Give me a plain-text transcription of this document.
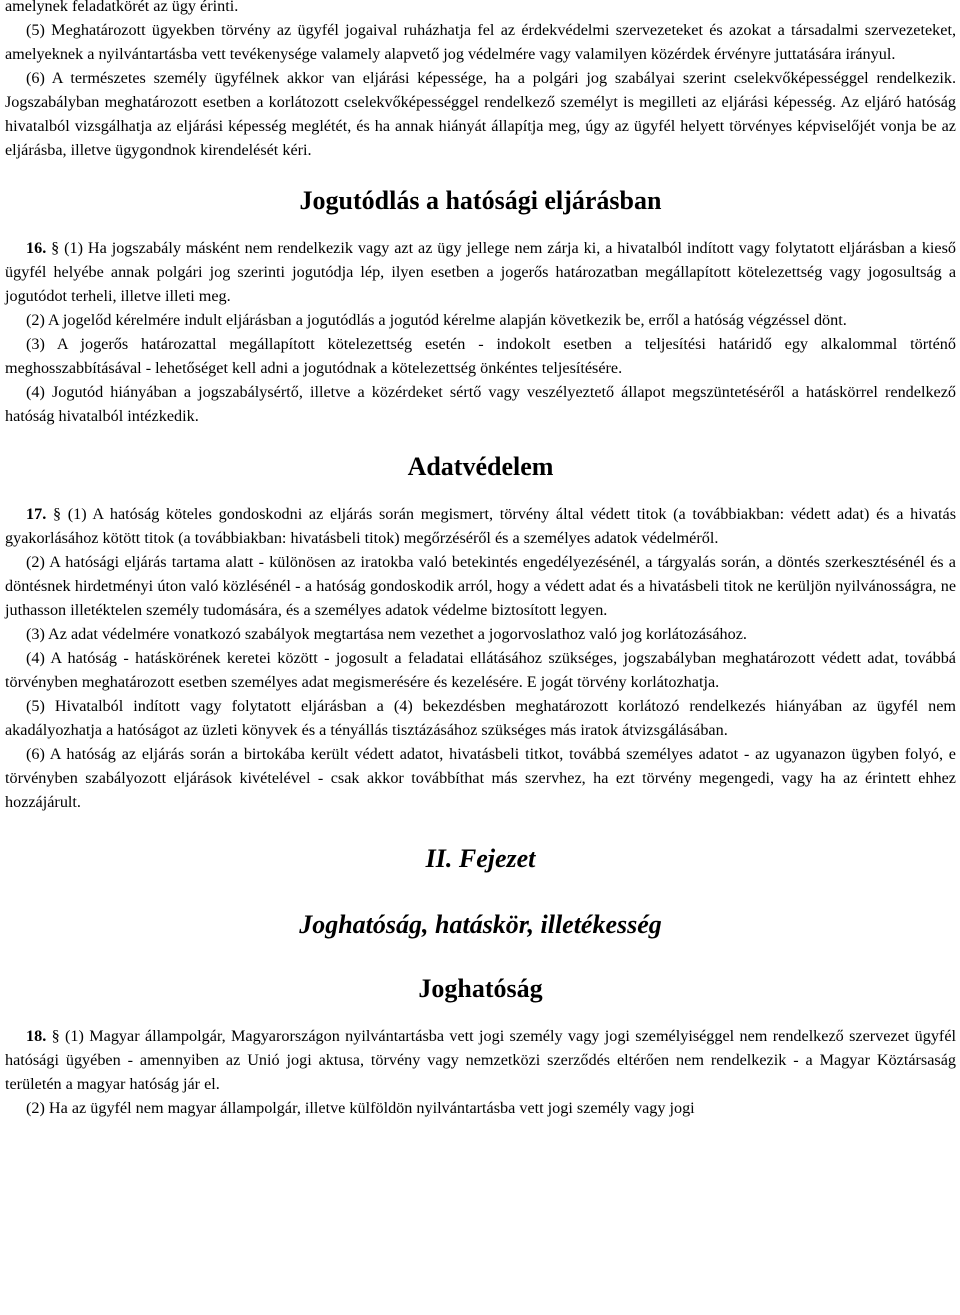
amelynek feladatkörét az ügy érinti.

(5) Meghatározott ügyekben törvény az ügyfél jogaival ruházhatja fel az érdekvédelmi szervezeteket és azokat a társadalmi szervezeteket, amelyeknek a nyilvántartásba vett tevékenysége valamely alapvető jog védelmére vagy valamilyen közérdek érvényre juttatására irányul.

(6) A természetes személy ügyfélnek akkor van eljárási képessége, ha a polgári jog szabályai szerint cselekvőképességgel rendelkezik. Jogszabályban meghatározott esetben a korlátozott cselekvőképességgel rendelkező személyt is megilleti az eljárási képesség. Az eljáró hatóság hivatalból vizsgálhatja az eljárási képesség meglétét, és ha annak hiányát állapítja meg, úgy az ügyfél helyett törvényes képviselőjét vonja be az eljárásba, illetve ügygondnok kirendelését kéri.

Jogutódlás a hatósági eljárásban

16. § (1) Ha jogszabály másként nem rendelkezik vagy azt az ügy jellege nem zárja ki, a hivatalból indított vagy folytatott eljárásban a kieső ügyfél helyébe annak polgári jog szerinti jogutódja lép, ilyen esetben a jogerős határozatban megállapított kötelezettség vagy jogosultság a jogutódot terheli, illetve illeti meg.

(2) A jogelőd kérelmére indult eljárásban a jogutódlás a jogutód kérelme alapján következik be, erről a hatóság végzéssel dönt.

(3) A jogerős határozattal megállapított kötelezettség esetén - indokolt esetben a teljesítési határidő egy alkalommal történő meghosszabbításával - lehetőséget kell adni a jogutódnak a kötelezettség önkéntes teljesítésére.

(4) Jogutód hiányában a jogszabálysértő, illetve a közérdeket sértő vagy veszélyeztető állapot megszüntetéséről a hatáskörrel rendelkező hatóság hivatalból intézkedik.

Adatvédelem

17. § (1) A hatóság köteles gondoskodni az eljárás során megismert, törvény által védett titok (a továbbiakban: védett adat) és a hivatás gyakorlásához kötött titok (a továbbiakban: hivatásbeli titok) megőrzéséről és a személyes adatok védelméről.

(2) A hatósági eljárás tartama alatt - különösen az iratokba való betekintés engedélyezésénél, a tárgyalás során, a döntés szerkesztésénél és a döntésnek hirdetményi úton való közlésénél - a hatóság gondoskodik arról, hogy a védett adat és a hivatásbeli titok ne kerüljön nyilvánosságra, ne juthasson illetéktelen személy tudomására, és a személyes adatok védelme biztosított legyen.

(3) Az adat védelmére vonatkozó szabályok megtartása nem vezethet a jogorvoslathoz való jog korlátozásához.

(4) A hatóság - hatáskörének keretei között - jogosult a feladatai ellátásához szükséges, jogszabályban meghatározott védett adat, továbbá törvényben meghatározott esetben személyes adat megismerésére és kezelésére. E jogát törvény korlátozhatja.

(5) Hivatalból indított vagy folytatott eljárásban a (4) bekezdésben meghatározott korlátozó rendelkezés hiányában az ügyfél nem akadályozhatja a hatóságot az üzleti könyvek és a tényállás tisztázásához szükséges más iratok átvizsgálásában.

(6) A hatóság az eljárás során a birtokába került védett adatot, hivatásbeli titkot, továbbá személyes adatot - az ugyanazon ügyben folyó, e törvényben szabályozott eljárások kivételével - csak akkor továbbíthat más szervhez, ha ezt törvény megengedi, vagy ha az érintett ehhez hozzájárult.

II. Fejezet
Joghatóság, hatáskör, illetékesség
Joghatóság

18. § (1) Magyar állampolgár, Magyarországon nyilvántartásba vett jogi személy vagy jogi személyiséggel nem rendelkező szervezet ügyfél hatósági ügyében - amennyiben az Unió jogi aktusa, törvény vagy nemzetközi szerződés eltérően nem rendelkezik - a Magyar Köztársaság területén a magyar hatóság jár el.

(2) Ha az ügyfél nem magyar állampolgár, illetve külföldön nyilvántartásba vett jogi személy vagy jogi
